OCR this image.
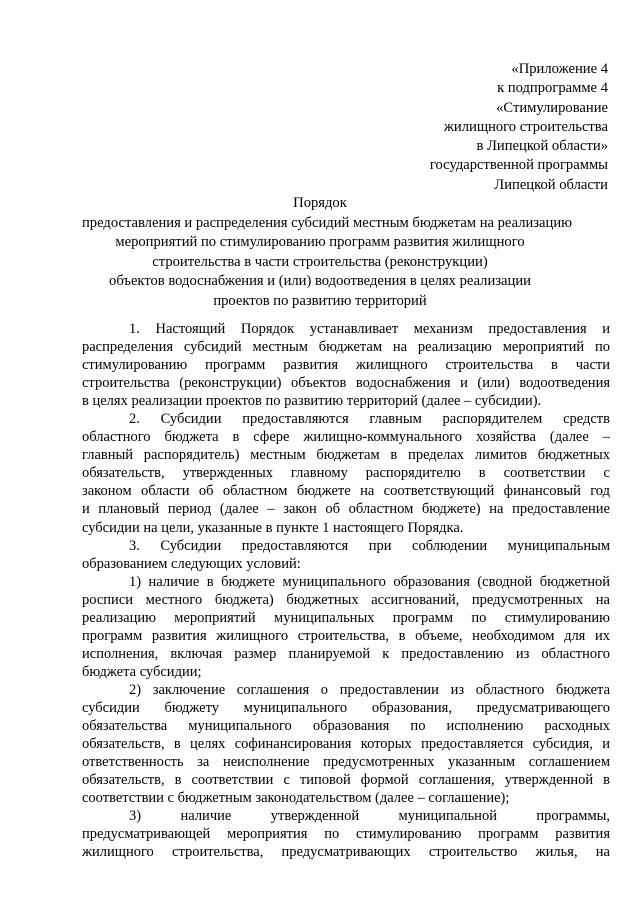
«Приложение 4
к подпрограмме 4
«Стимулирование
жилищного строительства
в Липецкой области»
государственной программы
Липецкой области
Порядок
предоставления и распределения субсидий местным бюджетам на реализацию
мероприятий по стимулированию программ развития жилищного
строительства в части строительства (реконструкции)
объектов водоснабжения и (или) водоотведения в целях реализации
проектов по развитию территорий
1. Настоящий Порядок устанавливает механизм предоставления и
распределения субсидий местным бюджетам на реализацию мероприятий по
стимулированию программ развития жилищного строительства в части
строительства (реконструкции) объектов водоснабжения и (или) водоотведения
в целях реализации проектов по развитию территорий (далее – субсидии).
2. Субсидии предоставляются главным распорядителем средств
областного бюджета в сфере жилищно-коммунального хозяйства (далее –
главный распорядитель) местным бюджетам в пределах лимитов бюджетных
обязательств, утвержденных главному распорядителю в соответствии с
законом области об областном бюджете на соответствующий финансовый год
и плановый период (далее – закон об областном бюджете) на предоставление
субсидии на цели, указанные в пункте 1 настоящего Порядка.
3. Субсидии предоставляются при соблюдении муниципальным
образованием следующих условий:
1) наличие в бюджете муниципального образования (сводной бюджетной
росписи местного бюджета) бюджетных ассигнований, предусмотренных на
реализацию мероприятий муниципальных программ по стимулированию
программ развития жилищного строительства, в объеме, необходимом для их
исполнения, включая размер планируемой к предоставлению из областного
бюджета субсидии;
2) заключение соглашения о предоставлении из областного бюджета
субсидии бюджету муниципального образования, предусматривающего
обязательства муниципального образования по исполнению расходных
обязательств, в целях софинансирования которых предоставляется субсидия, и
ответственность за неисполнение предусмотренных указанным соглашением
обязательств, в соответствии с типовой формой соглашения, утвержденной в
соответствии с бюджетным законодательством (далее – соглашение);
3) наличие утвержденной муниципальной программы,
предусматривающей мероприятия по стимулированию программ развития
жилищного строительства, предусматривающих строительство жилья, на
